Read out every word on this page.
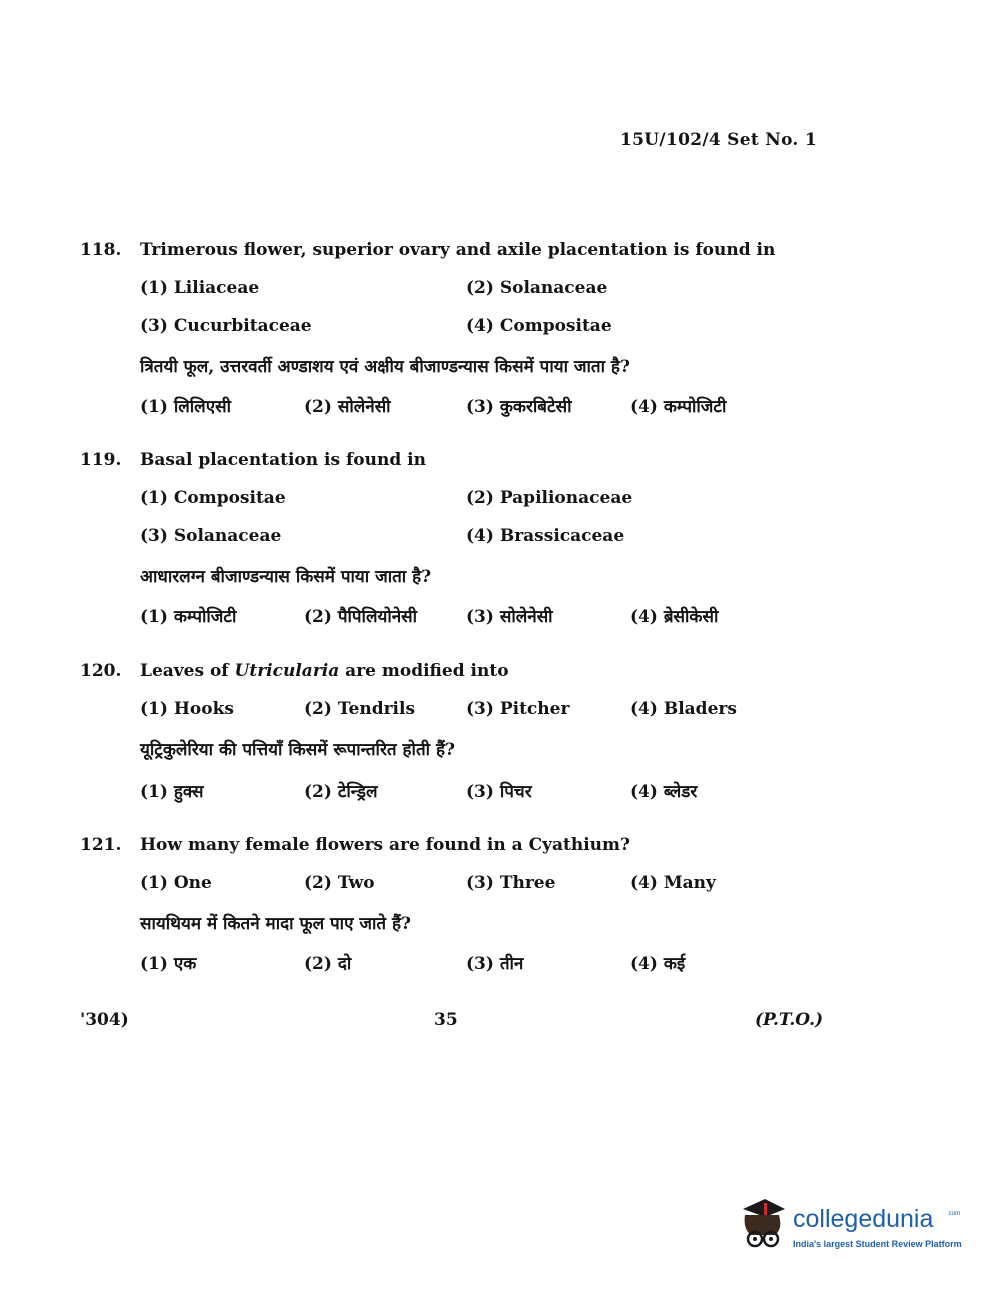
15U/102/4 Set No. 1
118. Trimerous flower, superior ovary and axile placentation is found in
(1) Liliaceae	(2) Solanaceae
(3) Cucurbitaceae	(4) Compositae
त्रितयी फूल, उत्तरवर्ती अण्डाशय एवं अक्षीय बीजाण्डन्यास किसमें पाया जाता है?
(1) लिलिएसी	(2) सोलेनेसी	(3) कुकरबिटेसी	(4) कम्पोजिटी
119. Basal placentation is found in
(1) Compositae	(2) Papilionaceae
(3) Solanaceae	(4) Brassicaceae
आधारलग्न बीजाण्डन्यास किसमें पाया जाता है?
(1) कम्पोजिटी	(2) पैपिलियोनेसी	(3) सोलेनेसी	(4) ब्रेसीकेसी
120. Leaves of Utricularia are modified into
(1) Hooks	(2) Tendrils	(3) Pitcher	(4) Bladers
यूट्रिकुलेरिया की पत्तियाँ किसमें रूपान्तरित होती हैं?
(1) हुक्स	(2) टेन्ड्रिल	(3) पिचर	(4) ब्लेडर
121. How many female flowers are found in a Cyathium?
(1) One	(2) Two	(3) Three	(4) Many
सायथियम में कितने मादा फूल पाए जाते हैं?
(1) एक	(2) दो	(3) तीन	(4) कई
'304)	35	(P.T.O.)
collegedunia .com
India's largest Student Review Platform
